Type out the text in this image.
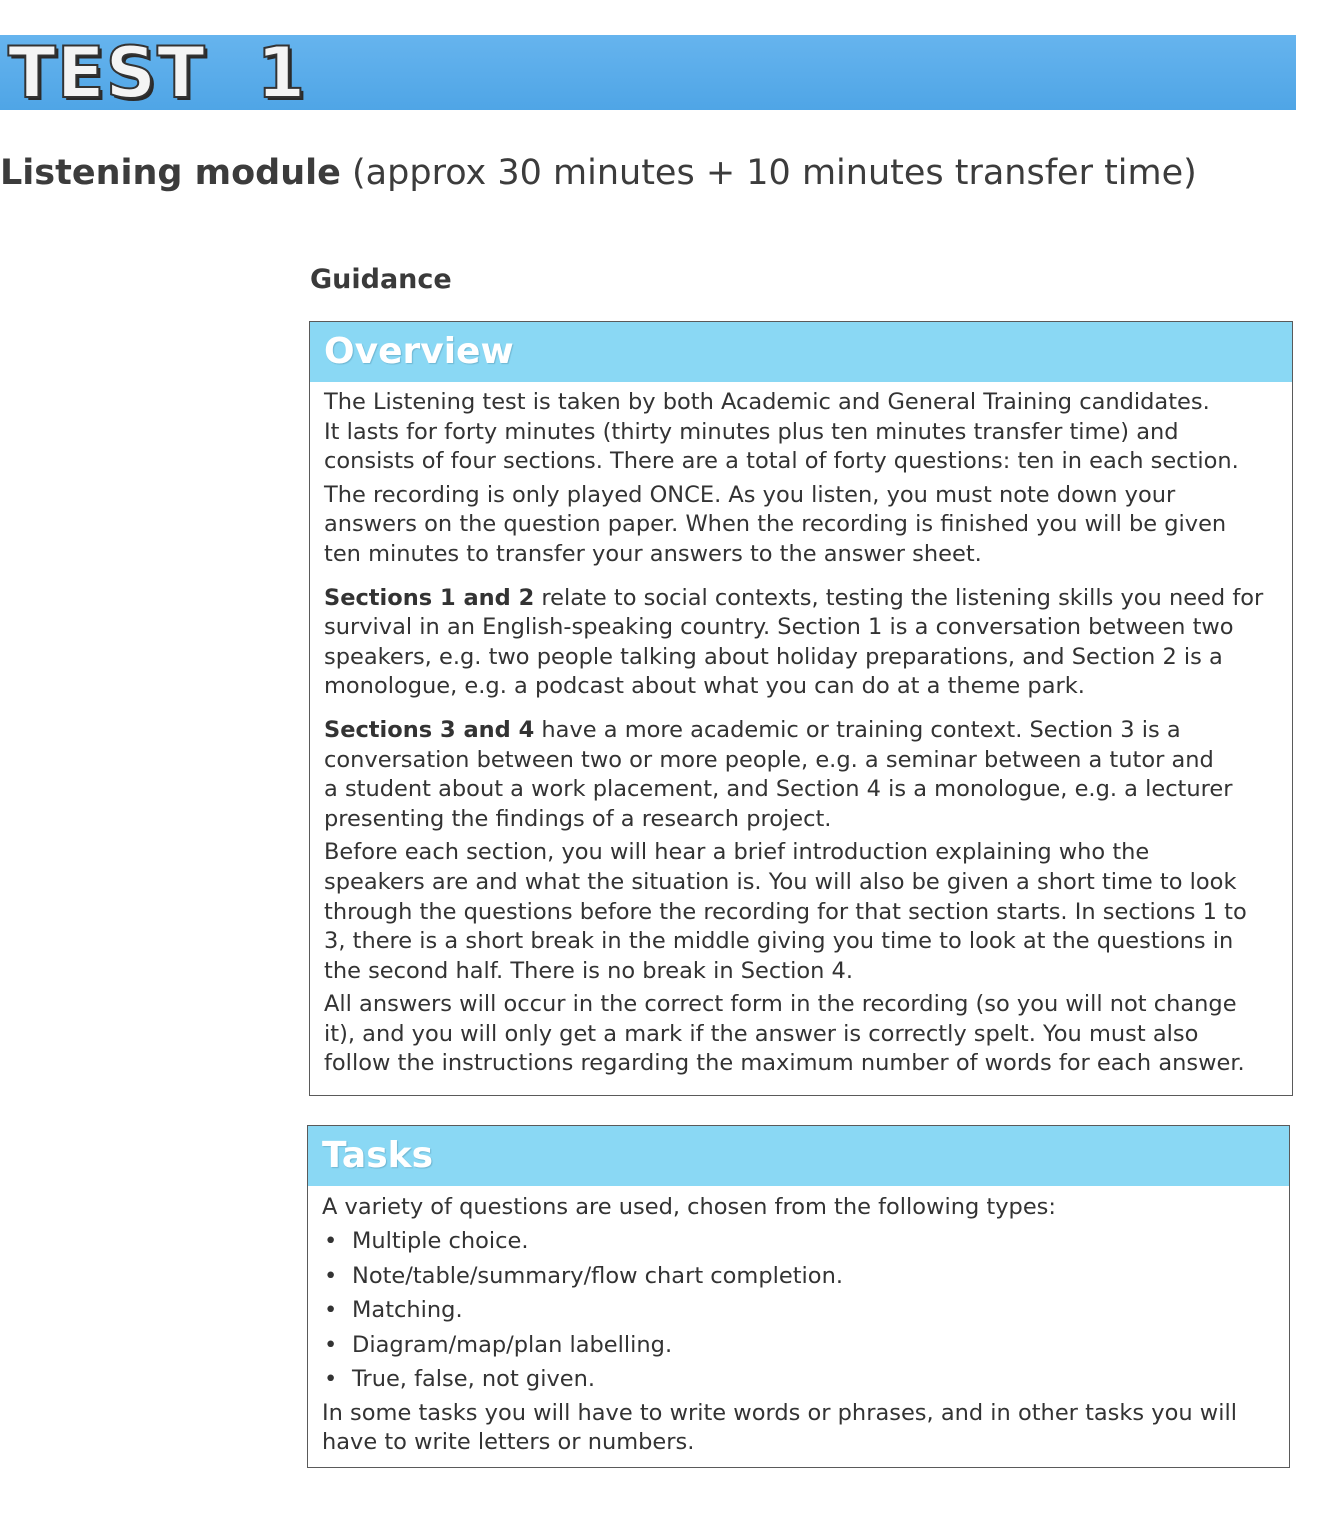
TEST  1
Listening module (approx 30 minutes + 10 minutes transfer time)
Guidance
Overview

The Listening test is taken by both Academic and General Training candidates.
It lasts for forty minutes (thirty minutes plus ten minutes transfer time) and
consists of four sections. There are a total of forty questions: ten in each section.

The recording is only played ONCE. As you listen, you must note down your
answers on the question paper. When the recording is finished you will be given
ten minutes to transfer your answers to the answer sheet.

Sections 1 and 2 relate to social contexts, testing the listening skills you need for
survival in an English-speaking country. Section 1 is a conversation between two
speakers, e.g. two people talking about holiday preparations, and Section 2 is a
monologue, e.g. a podcast about what you can do at a theme park.

Sections 3 and 4 have a more academic or training context. Section 3 is a
conversation between two or more people, e.g. a seminar between a tutor and
a student about a work placement, and Section 4 is a monologue, e.g. a lecturer
presenting the findings of a research project.

Before each section, you will hear a brief introduction explaining who the
speakers are and what the situation is. You will also be given a short time to look
through the questions before the recording for that section starts. In sections 1 to
3, there is a short break in the middle giving you time to look at the questions in
the second half. There is no break in Section 4.

All answers will occur in the correct form in the recording (so you will not change
it), and you will only get a mark if the answer is correctly spelt. You must also
follow the instructions regarding the maximum number of words for each answer.

Tasks

A variety of questions are used, chosen from the following types:

• Multiple choice.
• Note/table/summary/flow chart completion.
• Matching.
• Diagram/map/plan labelling.
• True, false, not given.

In some tasks you will have to write words or phrases, and in other tasks you will
have to write letters or numbers.
